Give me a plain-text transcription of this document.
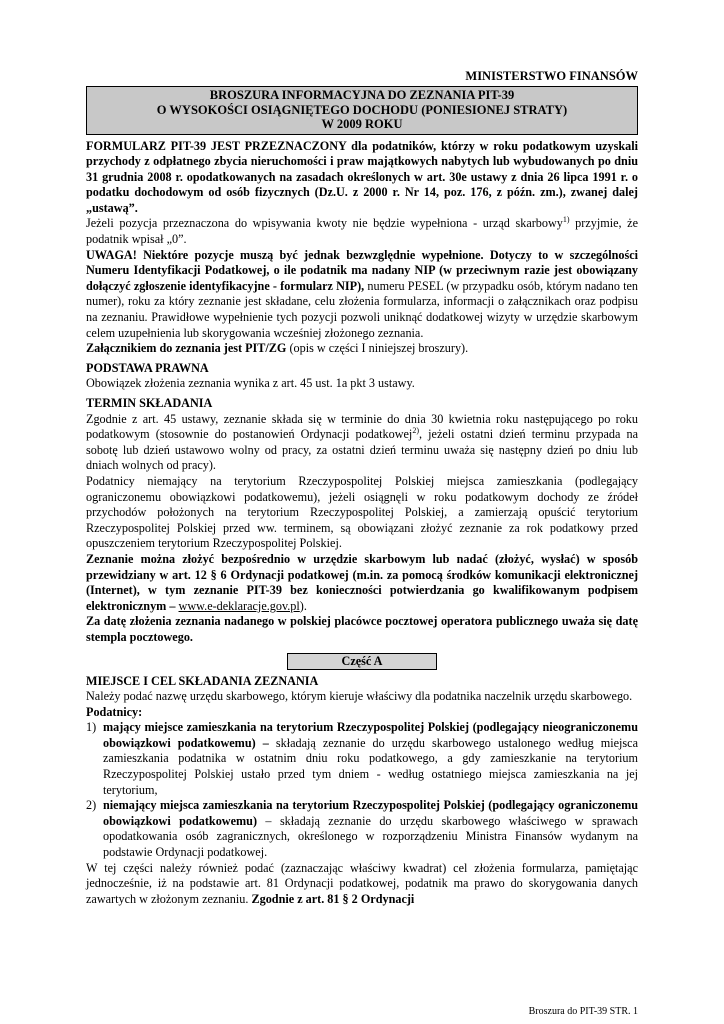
MINISTERSTWO FINANSÓW
BROSZURA INFORMACYJNA DO ZEZNANIA PIT-39
O WYSOKOŚCI OSIĄGNIĘTEGO DOCHODU (PONIESIONEJ STRATY)
W 2009 ROKU

FORMULARZ PIT-39 JEST PRZEZNACZONY dla podatników, którzy w roku podatkowym uzyskali przychody z odpłatnego zbycia nieruchomości i praw majątkowych nabytych lub wybudowanych po dniu 31 grudnia 2008 r. opodatkowanych na zasadach określonych w art. 30e ustawy z dnia 26 lipca 1991 r. o podatku dochodowym od osób fizycznych (Dz.U. z 2000 r. Nr 14, poz. 176, z późn. zm.), zwanej dalej „ustawą”.

Jeżeli pozycja przeznaczona do wpisywania kwoty nie będzie wypełniona - urząd skarbowy$^{1)}$ przyjmie, że podatnik wpisał „0”.

UWAGA! Niektóre pozycje muszą być jednak bezwzględnie wypełnione. Dotyczy to w szczególności Numeru Identyfikacji Podatkowej, o ile podatnik ma nadany NIP (w przeciwnym razie jest obowiązany dołączyć zgłoszenie identyfikacyjne - formularz NIP), numeru PESEL (w przypadku osób, którym nadano ten numer), roku za który zeznanie jest składane, celu złożenia formularza, informacji o załącznikach oraz podpisu na zeznaniu. Prawidłowe wypełnienie tych pozycji pozwoli uniknąć dodatkowej wizyty w urzędzie skarbowym celem uzupełnienia lub skorygowania wcześniej złożonego zeznania.

Załącznikiem do zeznania jest PIT/ZG (opis w części I niniejszej broszury).

PODSTAWA PRAWNA

Obowiązek złożenia zeznania wynika z art. 45 ust. 1a pkt 3 ustawy.

TERMIN SKŁADANIA

Zgodnie z art. 45 ustawy, zeznanie składa się w terminie do dnia 30 kwietnia roku następującego po roku podatkowym (stosownie do postanowień Ordynacji podatkowej$^{2)}$, jeżeli ostatni dzień terminu przypada na sobotę lub dzień ustawowo wolny od pracy, za ostatni dzień terminu uważa się następny dzień po dniu lub dniach wolnych od pracy).

Podatnicy niemający na terytorium Rzeczypospolitej Polskiej miejsca zamieszkania (podlegający ograniczonemu obowiązkowi podatkowemu), jeżeli osiągnęli w roku podatkowym dochody ze źródeł przychodów położonych na terytorium Rzeczypospolitej Polskiej, a zamierzają opuścić terytorium Rzeczypospolitej Polskiej przed ww. terminem, są obowiązani złożyć zeznanie za rok podatkowy przed opuszczeniem terytorium Rzeczypospolitej Polskiej.

Zeznanie można złożyć bezpośrednio w urzędzie skarbowym lub nadać (złożyć, wysłać) w sposób przewidziany w art. 12 § 6 Ordynacji podatkowej (m.in. za pomocą środków komunikacji elektronicznej (Internet), w tym zeznanie PIT-39 bez konieczności potwierdzania go kwalifikowanym podpisem elektronicznym – www.e-deklaracje.gov.pl).

Za datę złożenia zeznania nadanego w polskiej placówce pocztowej operatora publicznego uważa się datę stempla pocztowego.

Część A
MIEJSCE I CEL SKŁADANIA ZEZNANIA

Należy podać nazwę urzędu skarbowego, którym kieruje właściwy dla podatnika naczelnik urzędu skarbowego.

Podatnicy:

1) mający miejsce zamieszkania na terytorium Rzeczypospolitej Polskiej (podlegający nieograniczonemu obowiązkowi podatkowemu) – składają zeznanie do urzędu skarbowego ustalonego według miejsca zamieszkania podatnika w ostatnim dniu roku podatkowego, a gdy zamieszkanie na terytorium Rzeczypospolitej Polskiej ustało przed tym dniem - według ostatniego miejsca zamieszkania na jej terytorium,

2) niemający miejsca zamieszkania na terytorium Rzeczypospolitej Polskiej (podlegający ograniczonemu obowiązkowi podatkowemu) – składają zeznanie do urzędu skarbowego właściwego w sprawach opodatkowania osób zagranicznych, określonego w rozporządzeniu Ministra Finansów wydanym na podstawie Ordynacji podatkowej.

W tej części należy również podać (zaznaczając właściwy kwadrat) cel złożenia formularza, pamiętając jednocześnie, iż na podstawie art. 81 Ordynacji podatkowej, podatnik ma prawo do skorygowania danych zawartych w złożonym zeznaniu. Zgodnie z art. 81 § 2 Ordynacji

Broszura do PIT-39 STR. 1
